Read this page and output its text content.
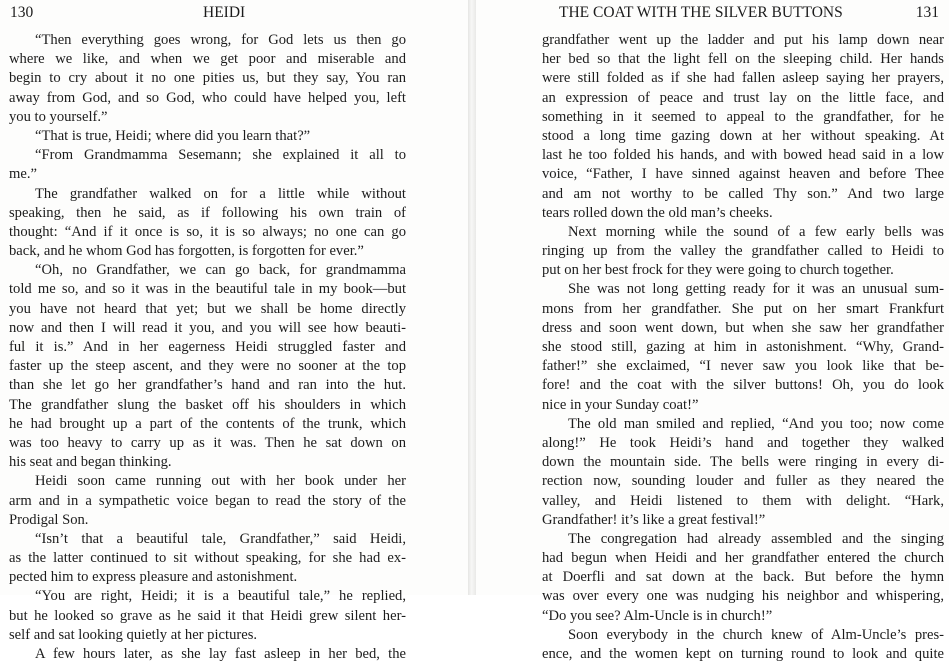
130	HEIDI
“Then everything goes wrong, for God lets us then go
where we like, and when we get poor and miserable and
begin to cry about it no one pities us, but they say, You ran
away from God, and so God, who could have helped you, left
you to yourself.”
“That is true, Heidi; where did you learn that?”
“From Grandmamma Sesemann; she explained it all to
me.”
The grandfather walked on for a little while without
speaking, then he said, as if following his own train of
thought: “And if it once is so, it is so always; no one can go
back, and he whom God has forgotten, is forgotten for ever.”
“Oh, no Grandfather, we can go back, for grandmamma
told me so, and so it was in the beautiful tale in my book—but
you have not heard that yet; but we shall be home directly
now and then I will read it you, and you will see how beauti-
ful it is.” And in her eagerness Heidi struggled faster and
faster up the steep ascent, and they were no sooner at the top
than she let go her grandfather’s hand and ran into the hut.
The grandfather slung the basket off his shoulders in which
he had brought up a part of the contents of the trunk, which
was too heavy to carry up as it was. Then he sat down on
his seat and began thinking.
Heidi soon came running out with her book under her
arm and in a sympathetic voice began to read the story of the
Prodigal Son.
“Isn’t that a beautiful tale, Grandfather,” said Heidi,
as the latter continued to sit without speaking, for she had ex-
pected him to express pleasure and astonishment.
“You are right, Heidi; it is a beautiful tale,” he replied,
but he looked so grave as he said it that Heidi grew silent her-
self and sat looking quietly at her pictures.
A few hours later, as she lay fast asleep in her bed, the
THE COAT WITH THE SILVER BUTTONS	131
grandfather went up the ladder and put his lamp down near
her bed so that the light fell on the sleeping child. Her hands
were still folded as if she had fallen asleep saying her prayers,
an expression of peace and trust lay on the little face, and
something in it seemed to appeal to the grandfather, for he
stood a long time gazing down at her without speaking. At
last he too folded his hands, and with bowed head said in a low
voice, “Father, I have sinned against heaven and before Thee
and am not worthy to be called Thy son.” And two large
tears rolled down the old man’s cheeks.
Next morning while the sound of a few early bells was
ringing up from the valley the grandfather called to Heidi to
put on her best frock for they were going to church together.
She was not long getting ready for it was an unusual sum-
mons from her grandfather. She put on her smart Frankfurt
dress and soon went down, but when she saw her grandfather
she stood still, gazing at him in astonishment. “Why, Grand-
father!” she exclaimed, “I never saw you look like that be-
fore! and the coat with the silver buttons! Oh, you do look
nice in your Sunday coat!”
The old man smiled and replied, “And you too; now come
along!” He took Heidi’s hand and together they walked
down the mountain side. The bells were ringing in every di-
rection now, sounding louder and fuller as they neared the
valley, and Heidi listened to them with delight. “Hark,
Grandfather! it’s like a great festival!”
The congregation had already assembled and the singing
had begun when Heidi and her grandfather entered the church
at Doerfli and sat down at the back. But before the hymn
was over every one was nudging his neighbor and whispering,
“Do you see? Alm-Uncle is in church!”
Soon everybody in the church knew of Alm-Uncle’s pres-
ence, and the women kept on turning round to look and quite
